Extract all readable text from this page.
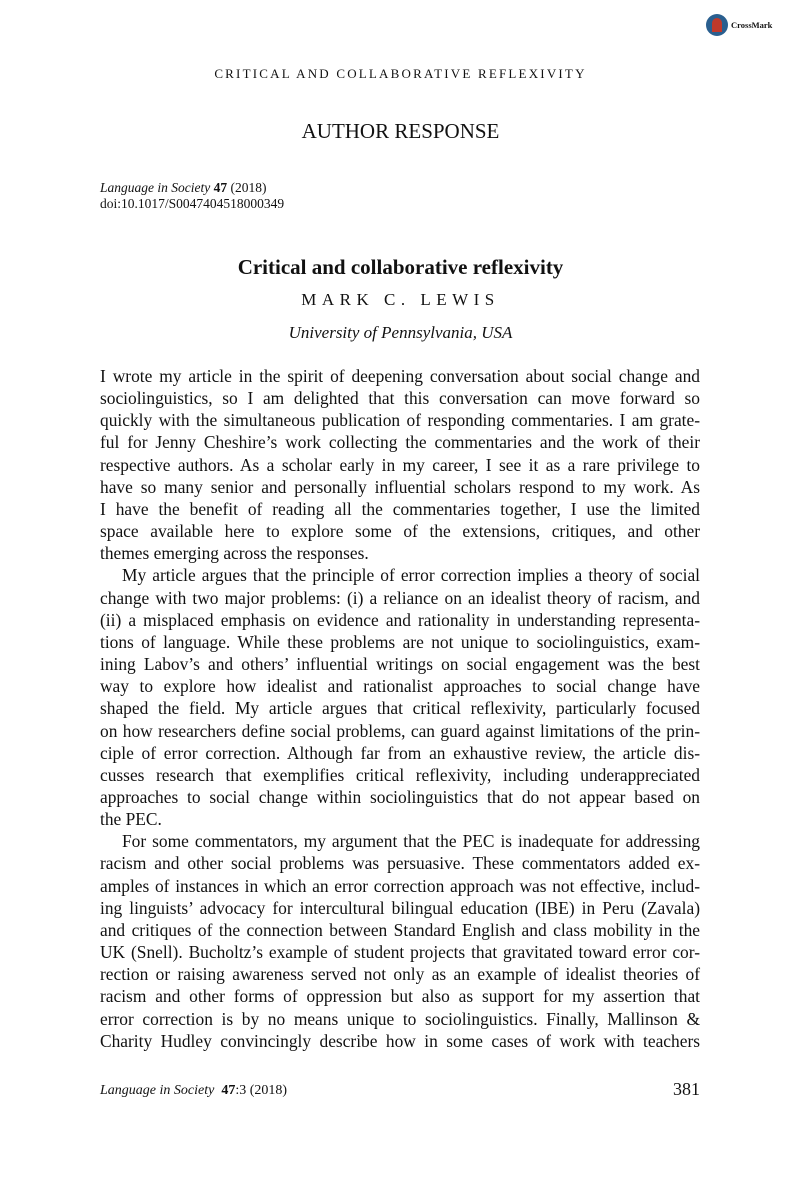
CrossMark
CRITICAL AND COLLABORATIVE REFLEXIVITY
AUTHOR RESPONSE
Language in Society 47 (2018)
doi:10.1017/S0047404518000349
Critical and collaborative reflexivity
MARK C. LEWIS
University of Pennsylvania, USA
I wrote my article in the spirit of deepening conversation about social change and
sociolinguistics, so I am delighted that this conversation can move forward so
quickly with the simultaneous publication of responding commentaries. I am grate-
ful for Jenny Cheshire’s work collecting the commentaries and the work of their
respective authors. As a scholar early in my career, I see it as a rare privilege to
have so many senior and personally influential scholars respond to my work. As
I have the benefit of reading all the commentaries together, I use the limited
space available here to explore some of the extensions, critiques, and other
themes emerging across the responses.
My article argues that the principle of error correction implies a theory of social
change with two major problems: (i) a reliance on an idealist theory of racism, and
(ii) a misplaced emphasis on evidence and rationality in understanding representa-
tions of language. While these problems are not unique to sociolinguistics, exam-
ining Labov’s and others’ influential writings on social engagement was the best
way to explore how idealist and rationalist approaches to social change have
shaped the field. My article argues that critical reflexivity, particularly focused
on how researchers define social problems, can guard against limitations of the prin-
ciple of error correction. Although far from an exhaustive review, the article dis-
cusses research that exemplifies critical reflexivity, including underappreciated
approaches to social change within sociolinguistics that do not appear based on
the PEC.
For some commentators, my argument that the PEC is inadequate for addressing
racism and other social problems was persuasive. These commentators added ex-
amples of instances in which an error correction approach was not effective, includ-
ing linguists’ advocacy for intercultural bilingual education (IBE) in Peru (Zavala)
and critiques of the connection between Standard English and class mobility in the
UK (Snell). Bucholtz’s example of student projects that gravitated toward error cor-
rection or raising awareness served not only as an example of idealist theories of
racism and other forms of oppression but also as support for my assertion that
error correction is by no means unique to sociolinguistics. Finally, Mallinson &
Charity Hudley convincingly describe how in some cases of work with teachers
Language in Society 47:3 (2018)	381
